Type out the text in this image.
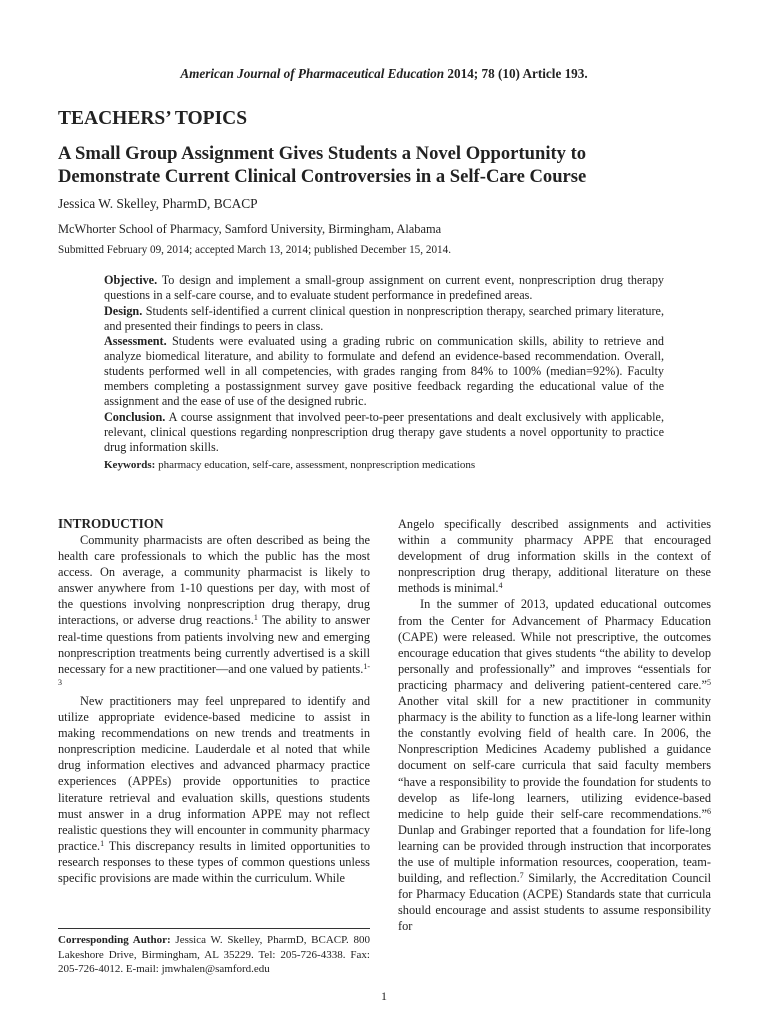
American Journal of Pharmaceutical Education 2014; 78 (10) Article 193.
TEACHERS’ TOPICS
A Small Group Assignment Gives Students a Novel Opportunity to
Demonstrate Current Clinical Controversies in a Self-Care Course
Jessica W. Skelley, PharmD, BCACP
McWhorter School of Pharmacy, Samford University, Birmingham, Alabama
Submitted February 09, 2014; accepted March 13, 2014; published December 15, 2014.

Objective. To design and implement a small-group assignment on current event, nonprescription drug therapy questions in a self-care course, and to evaluate student performance in predefined areas.

Design. Students self-identified a current clinical question in nonprescription therapy, searched primary literature, and presented their findings to peers in class.

Assessment. Students were evaluated using a grading rubric on communication skills, ability to retrieve and analyze biomedical literature, and ability to formulate and defend an evidence-based recommendation. Overall, students performed well in all competencies, with grades ranging from 84% to 100% (median=92%). Faculty members completing a postassignment survey gave positive feedback regarding the educational value of the assignment and the ease of use of the designed rubric.

Conclusion. A course assignment that involved peer-to-peer presentations and dealt exclusively with applicable, relevant, clinical questions regarding nonprescription drug therapy gave students a novel opportunity to practice drug information skills.

Keywords: pharmacy education, self-care, assessment, nonprescription medications

INTRODUCTION

Community pharmacists are often described as being the health care professionals to which the public has the most access. On average, a community pharmacist is likely to answer anywhere from 1-10 questions per day, with most of the questions involving nonprescription drug therapy, drug interactions, or adverse drug reactions.$^1$ The ability to answer real-time questions from patients involving new and emerging nonprescription treatments being currently advertised is a skill necessary for a new practitioner—and one valued by patients.$^{1-3}$

New practitioners may feel unprepared to identify and utilize appropriate evidence-based medicine to assist in making recommendations on new trends and treatments in nonprescription medicine. Lauderdale et al noted that while drug information electives and advanced pharmacy practice experiences (APPEs) provide opportunities to practice literature retrieval and evaluation skills, questions students must answer in a drug information APPE may not reflect realistic questions they will encounter in community pharmacy practice.$^1$ This discrepancy results in limited opportunities to research responses to these types of common questions unless specific provisions are made within the curriculum. While

Angelo specifically described assignments and activities within a community pharmacy APPE that encouraged development of drug information skills in the context of nonprescription drug therapy, additional literature on these methods is minimal.$^4$

In the summer of 2013, updated educational outcomes from the Center for Advancement of Pharmacy Education (CAPE) were released. While not prescriptive, the outcomes encourage education that gives students “the ability to develop personally and professionally” and improves “essentials for practicing pharmacy and delivering patient-centered care.”$^5$ Another vital skill for a new practitioner in community pharmacy is the ability to function as a life-long learner within the constantly evolving field of health care. In 2006, the Nonprescription Medicines Academy published a guidance document on self-care curricula that said faculty members “have a responsibility to provide the foundation for students to develop as life-long learners, utilizing evidence-based medicine to help guide their self-care recommendations.”$^6$ Dunlap and Grabinger reported that a foundation for life-long learning can be provided through instruction that incorporates the use of multiple information resources, cooperation, team-building, and reflection.$^7$ Similarly, the Accreditation Council for Pharmacy Education (ACPE) Standards state that curricula should encourage and assist students to assume responsibility for

Corresponding Author: Jessica W. Skelley, PharmD, BCACP. 800 Lakeshore Drive, Birmingham, AL 35229. Tel: 205-726-4338. Fax: 205-726-4012. E-mail: jmwhalen@samford.edu
1
